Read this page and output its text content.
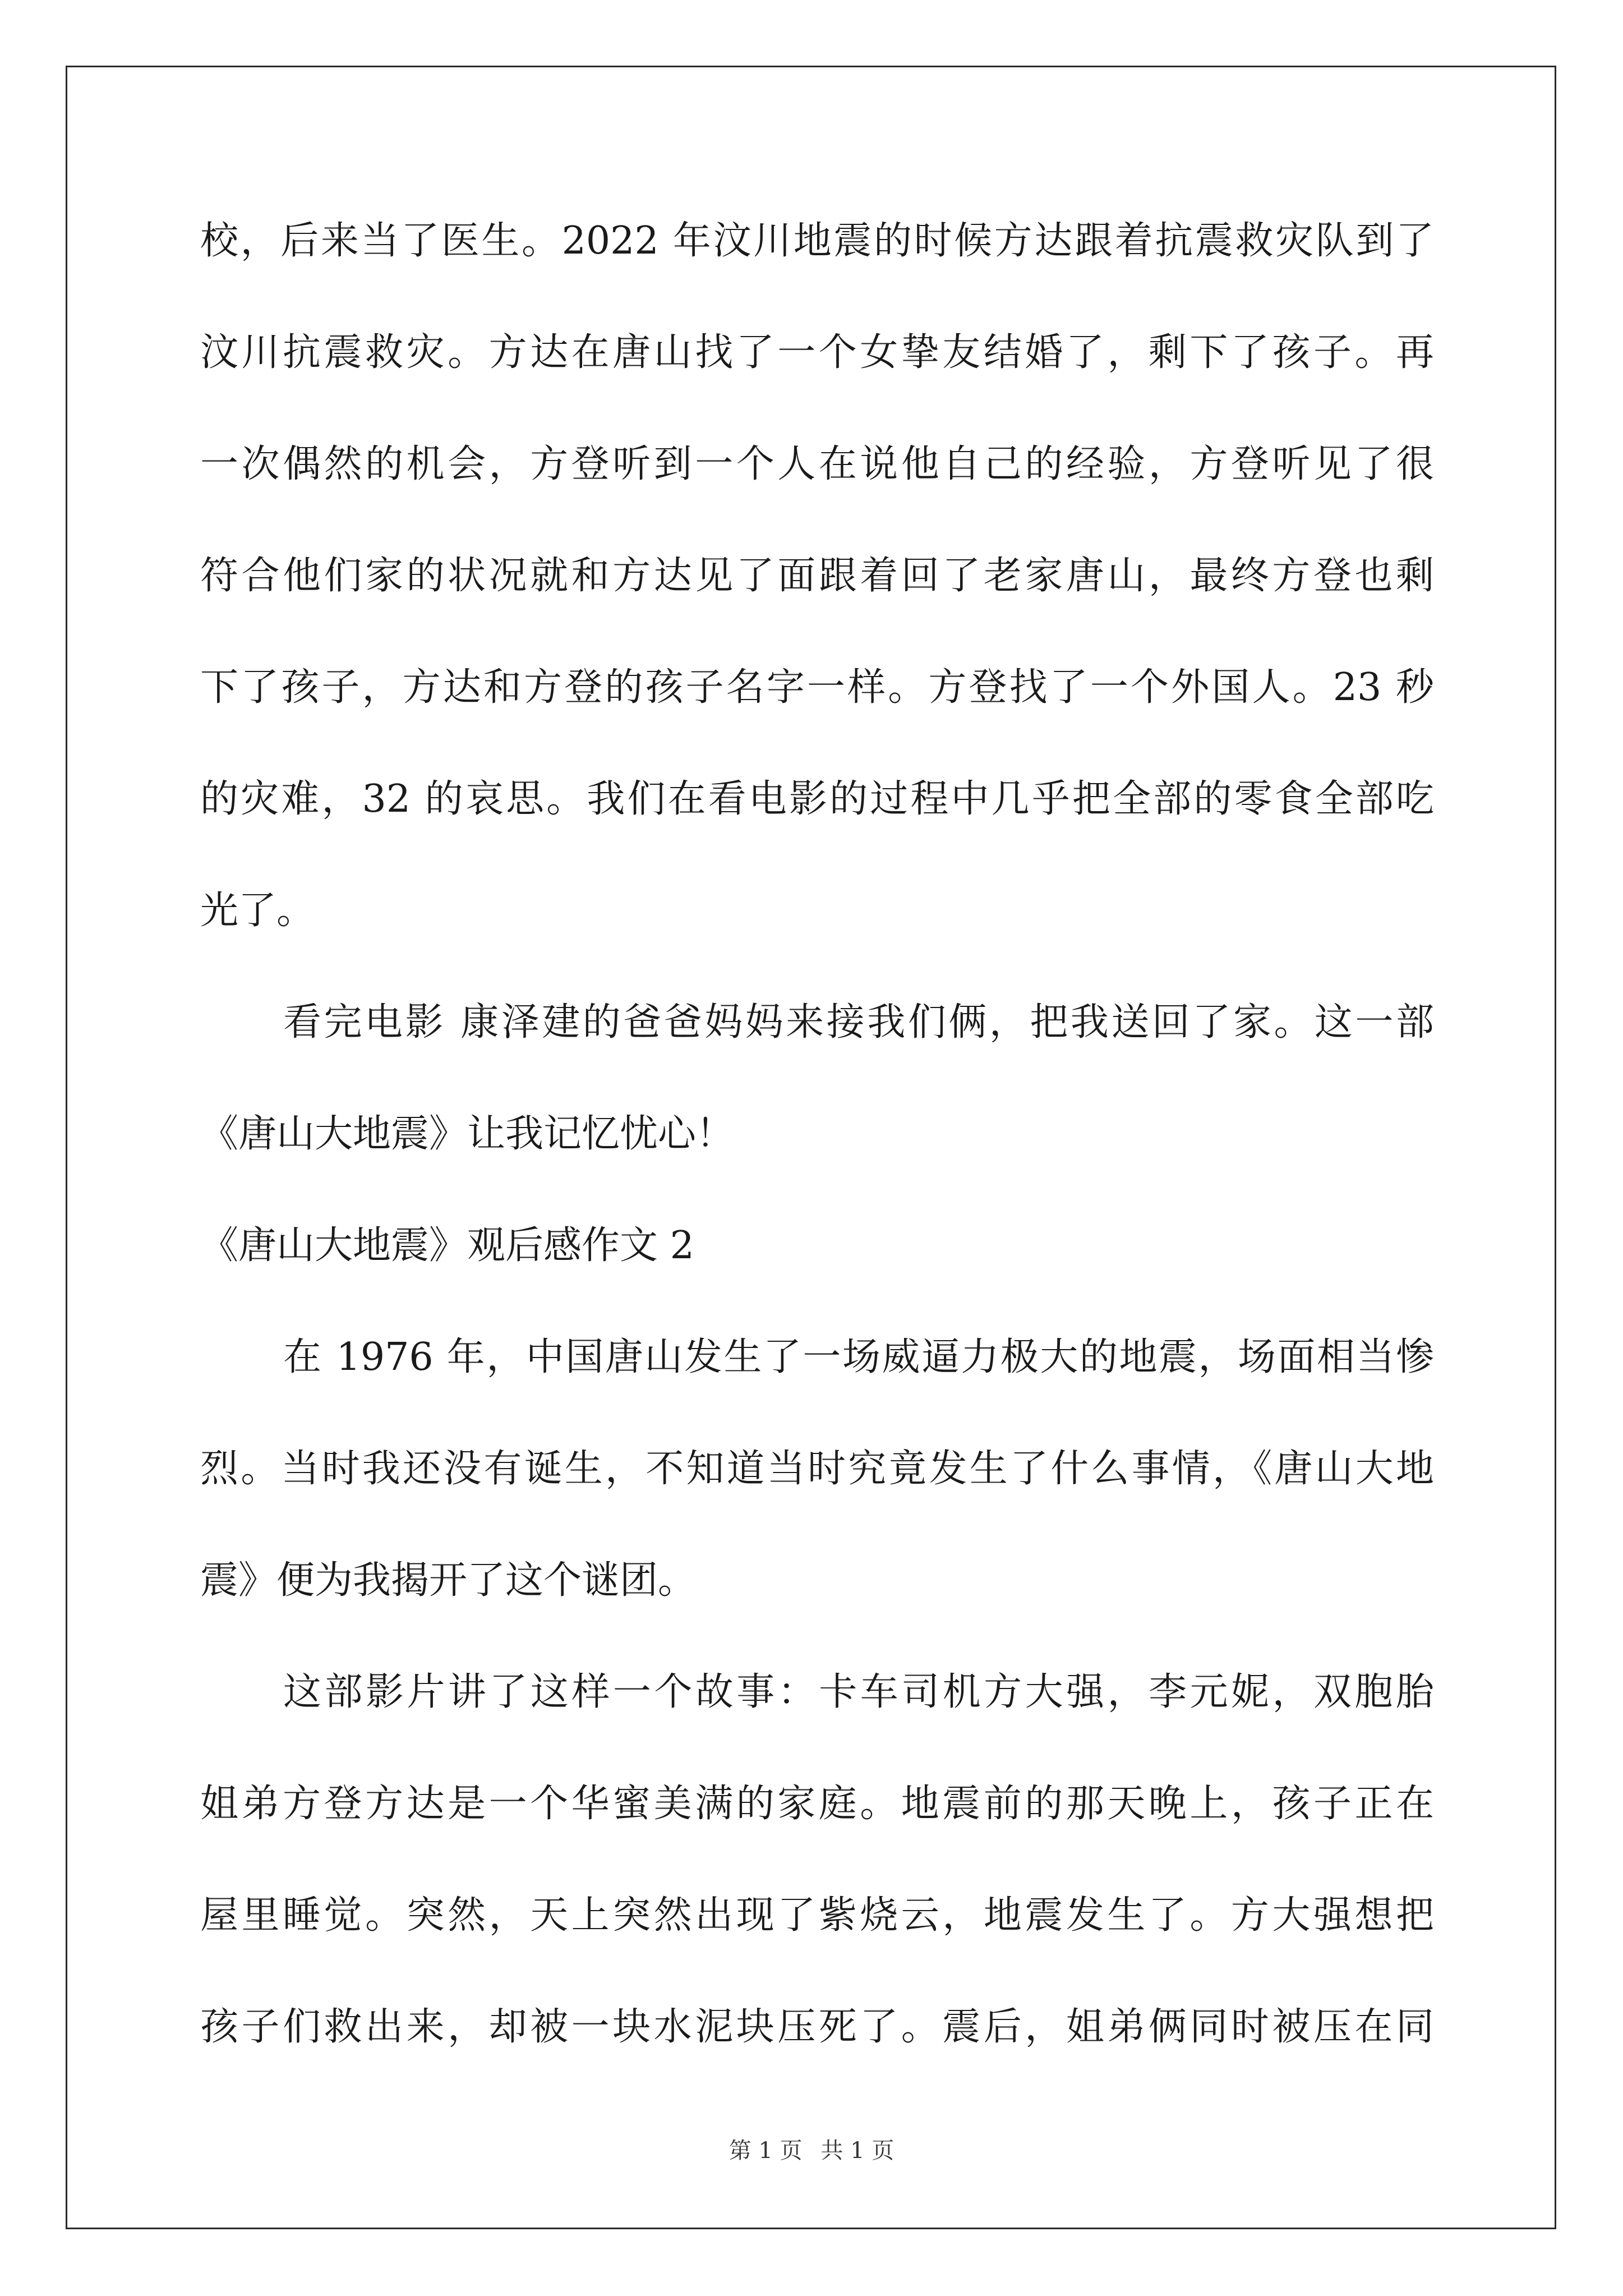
校，后来当了医生。2022 年汶川地震的时候方达跟着抗震救灾队到了
汶川抗震救灾。方达在唐山找了一个女挚友结婚了，剩下了孩子。再
一次偶然的机会，方登听到一个人在说他自己的经验，方登听见了很
符合他们家的状况就和方达见了面跟着回了老家唐山，最终方登也剩
下了孩子，方达和方登的孩子名字一样。方登找了一个外国人。23 秒
的灾难，32 的哀思。我们在看电影的过程中几乎把全部的零食全部吃
光了。
看完电影 康泽建的爸爸妈妈来接我们俩，把我送回了家。这一部
《唐山大地震》让我记忆忧心！
《唐山大地震》观后感作文 2
在 1976 年，中国唐山发生了一场威逼力极大的地震，场面相当惨
烈。当时我还没有诞生，不知道当时究竟发生了什么事情，《唐山大地
震》便为我揭开了这个谜团。
这部影片讲了这样一个故事：卡车司机方大强，李元妮，双胞胎
姐弟方登方达是一个华蜜美满的家庭。地震前的那天晚上，孩子正在
屋里睡觉。突然，天上突然出现了紫烧云，地震发生了。方大强想把
孩子们救出来，却被一块水泥块压死了。震后，姐弟俩同时被压在同
第 1 页 共 1 页
